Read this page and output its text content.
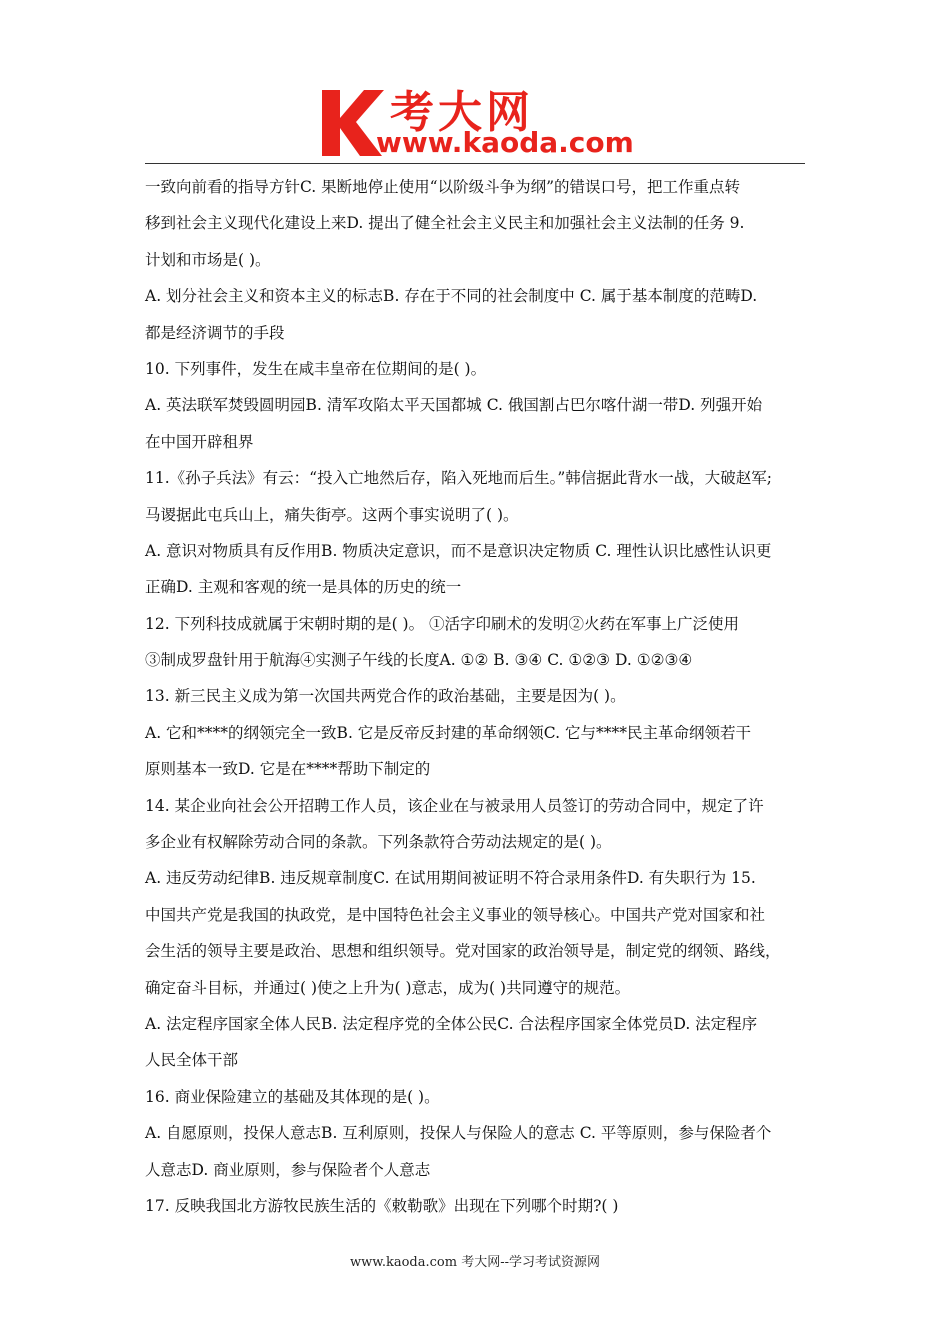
考大网
www.kaoda.com
一致向前看的指导方针C. 果断地停止使用“以阶级斗争为纲”的错误口号，把工作重点转
移到社会主义现代化建设上来D. 提出了健全社会主义民主和加强社会主义法制的任务 9.
计划和市场是( )。
A. 划分社会主义和资本主义的标志B. 存在于不同的社会制度中 C. 属于基本制度的范畴D.
都是经济调节的手段
10. 下列事件，发生在咸丰皇帝在位期间的是( )。
A. 英法联军焚毁圆明园B. 清军攻陷太平天国都城 C. 俄国割占巴尔喀什湖一带D. 列强开始
在中国开辟租界
11.《孙子兵法》有云：“投入亡地然后存，陷入死地而后生。”韩信据此背水一战，大破赵军;
马谡据此屯兵山上，痛失街亭。这两个事实说明了( )。
A. 意识对物质具有反作用B. 物质决定意识，而不是意识决定物质 C. 理性认识比感性认识更
正确D. 主观和客观的统一是具体的历史的统一
12. 下列科技成就属于宋朝时期的是( )。 ①活字印刷术的发明②火药在军事上广泛使用
③制成罗盘针用于航海④实测子午线的长度A. ①② B. ③④ C. ①②③ D. ①②③④
13. 新三民主义成为第一次国共两党合作的政治基础，主要是因为( )。
A. 它和****的纲领完全一致B. 它是反帝反封建的革命纲领C. 它与****民主革命纲领若干
原则基本一致D. 它是在****帮助下制定的
14. 某企业向社会公开招聘工作人员，该企业在与被录用人员签订的劳动合同中，规定了许
多企业有权解除劳动合同的条款。下列条款符合劳动法规定的是( )。
A. 违反劳动纪律B. 违反规章制度C. 在试用期间被证明不符合录用条件D. 有失职行为 15.
中国共产党是我国的执政党，是中国特色社会主义事业的领导核心。中国共产党对国家和社
会生活的领导主要是政治、思想和组织领导。党对国家的政治领导是，制定党的纲领、路线，
确定奋斗目标，并通过( )使之上升为( )意志，成为( )共同遵守的规范。
A. 法定程序国家全体人民B. 法定程序党的全体公民C. 合法程序国家全体党员D. 法定程序
人民全体干部
16. 商业保险建立的基础及其体现的是( )。
A. 自愿原则，投保人意志B. 互利原则，投保人与保险人的意志 C. 平等原则，参与保险者个
人意志D. 商业原则，参与保险者个人意志
17. 反映我国北方游牧民族生活的《敕勒歌》出现在下列哪个时期?( )
www.kaoda.com 考大网--学习考试资源网
